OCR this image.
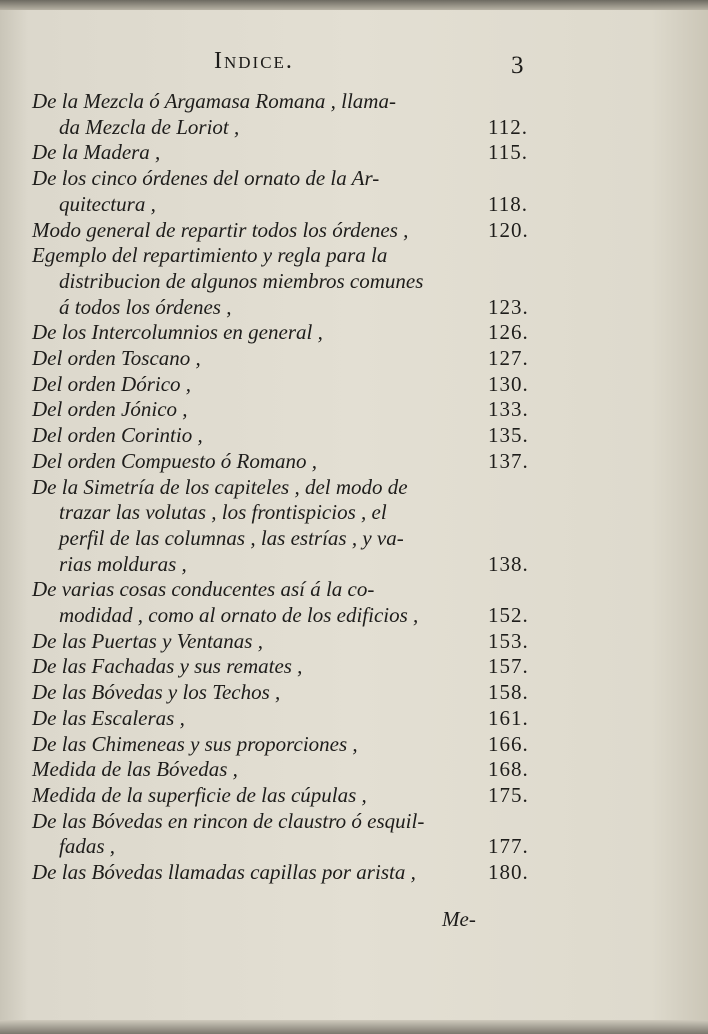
Indice.	3
De la Mezcla ó Argamasa Romana , llama-
da Mezcla de Loriot ,	112.
De la Madera ,	115.
De los cinco órdenes del ornato de la Ar-
quitectura ,	118.
Modo general de repartir todos los órdenes ,	120.
Egemplo del repartimiento y regla para la
distribucion de algunos miembros comunes
á todos los órdenes ,	123.
De los Intercolumnios en general ,	126.
Del orden Toscano ,	127.
Del orden Dórico ,	130.
Del orden Jónico ,	133.
Del orden Corintio ,	135.
Del orden Compuesto ó Romano ,	137.
De la Simetría de los capiteles , del modo de
trazar las volutas , los frontispicios , el
perfil de las columnas , las estrías , y va-
rias molduras ,	138.
De varias cosas conducentes así á la co-
modidad , como al ornato de los edificios ,	152.
De las Puertas y Ventanas ,	153.
De las Fachadas y sus remates ,	157.
De las Bóvedas y los Techos ,	158.
De las Escaleras ,	161.
De las Chimeneas y sus proporciones ,	166.
Medida de las Bóvedas ,	168.
Medida de la superficie de las cúpulas ,	175.
De las Bóvedas en rincon de claustro ó esquil-
fadas ,	177.
De las Bóvedas llamadas capillas por arista ,	180.
Me-
